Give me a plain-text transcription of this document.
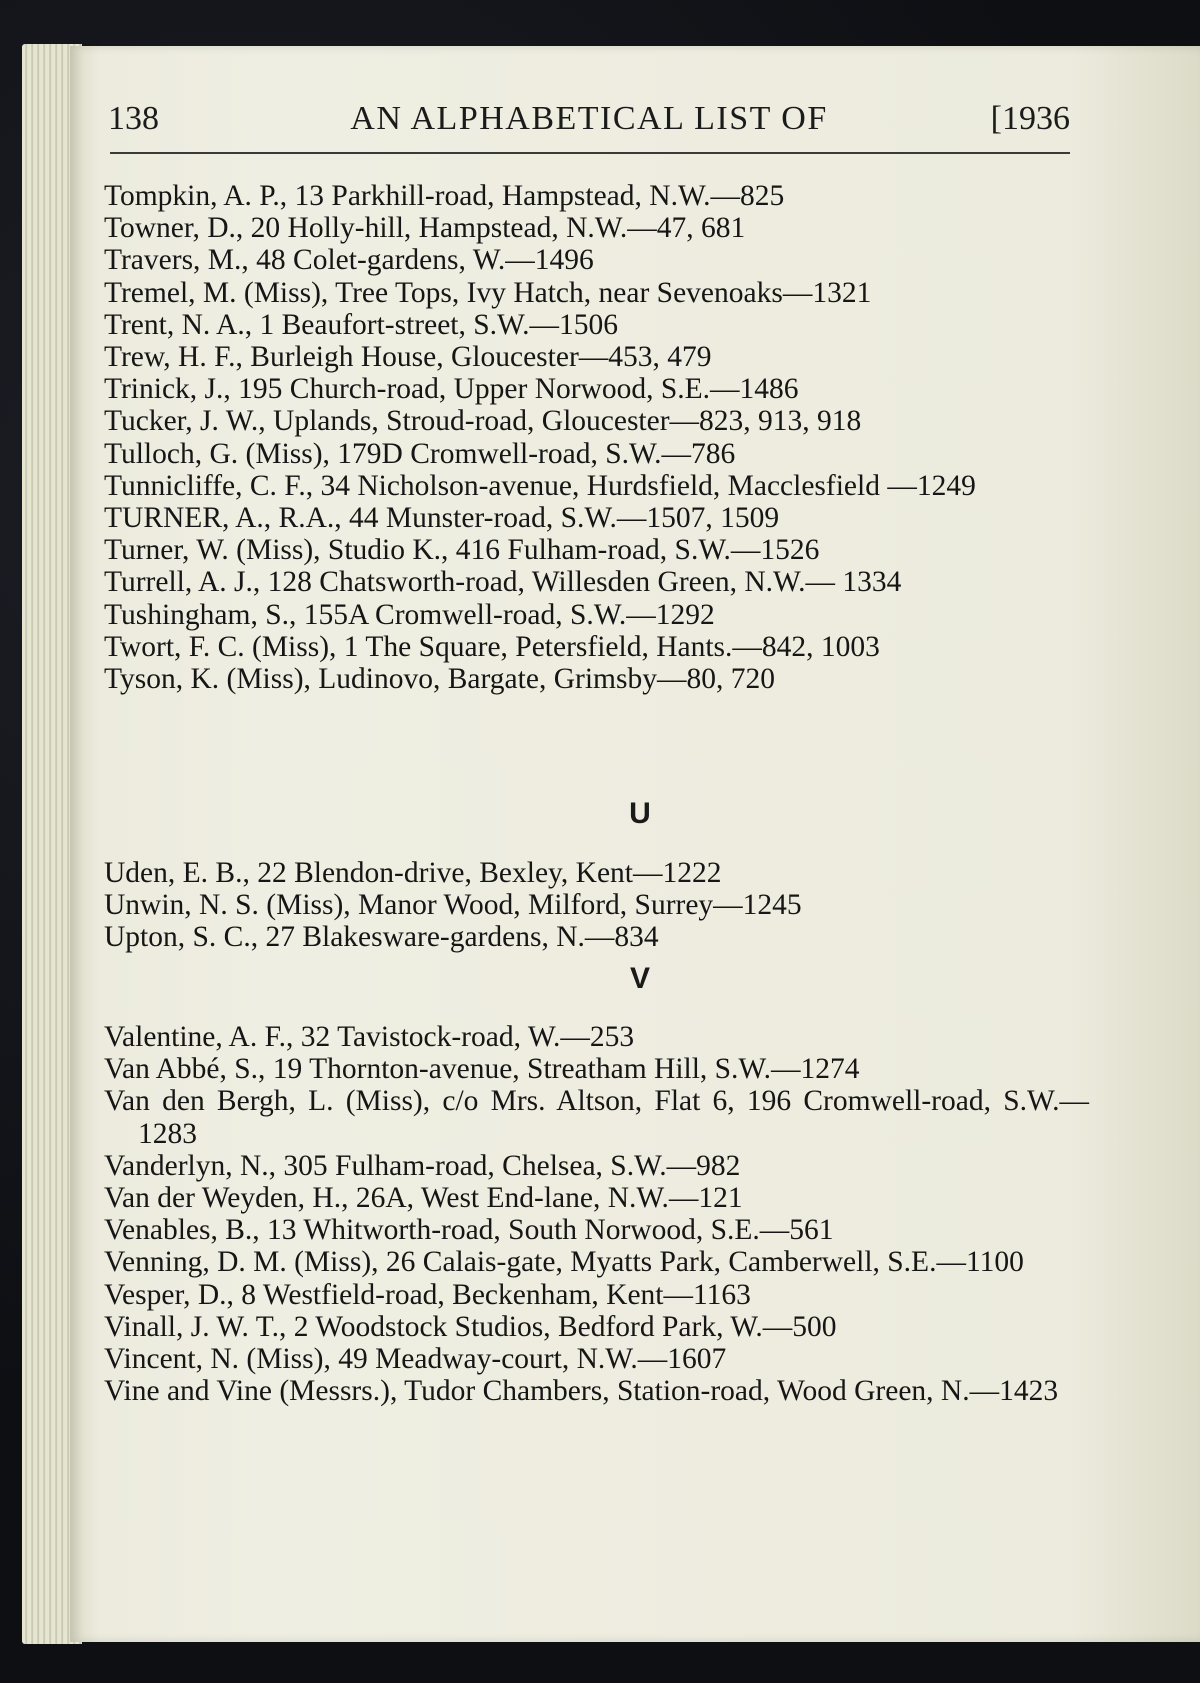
138	AN ALPHABETICAL LIST OF	[1936

Tompkin, A. P., 13 Parkhill-road, Hampstead, N.W.—825

Towner, D., 20 Holly-hill, Hampstead, N.W.—47, 681

Travers, M., 48 Colet-gardens, W.—1496

Tremel, M. (Miss), Tree Tops, Ivy Hatch, near Sevenoaks—1321

Trent, N. A., 1 Beaufort-street, S.W.—1506

Trew, H. F., Burleigh House, Gloucester—453, 479

Trinick, J., 195 Church-road, Upper Norwood, S.E.—1486

Tucker, J. W., Uplands, Stroud-road, Gloucester—823, 913, 918

Tulloch, G. (Miss), 179D Cromwell-road, S.W.—786

Tunnicliffe, C. F., 34 Nicholson-avenue, Hurdsfield, Macclesfield —1249

TURNER, A., R.A., 44 Munster-road, S.W.—1507, 1509

Turner, W. (Miss), Studio K., 416 Fulham-road, S.W.—1526

Turrell, A. J., 128 Chatsworth-road, Willesden Green, N.W.— 1334

Tushingham, S., 155A Cromwell-road, S.W.—1292

Twort, F. C. (Miss), 1 The Square, Petersfield, Hants.—842, 1003

Tyson, K. (Miss), Ludinovo, Bargate, Grimsby—80, 720

U

Uden, E. B., 22 Blendon-drive, Bexley, Kent—1222

Unwin, N. S. (Miss), Manor Wood, Milford, Surrey—1245

Upton, S. C., 27 Blakesware-gardens, N.—834

V

Valentine, A. F., 32 Tavistock-road, W.—253

Van Abbé, S., 19 Thornton-avenue, Streatham Hill, S.W.—1274

Van den Bergh, L. (Miss), c/o Mrs. Altson, Flat 6, 196 Cromwell-road, S.W.—1283

Vanderlyn, N., 305 Fulham-road, Chelsea, S.W.—982

Van der Weyden, H., 26A, West End-lane, N.W.—121

Venables, B., 13 Whitworth-road, South Norwood, S.E.—561

Venning, D. M. (Miss), 26 Calais-gate, Myatts Park, Camberwell, S.E.—1100

Vesper, D., 8 Westfield-road, Beckenham, Kent—1163

Vinall, J. W. T., 2 Woodstock Studios, Bedford Park, W.—500

Vincent, N. (Miss), 49 Meadway-court, N.W.—1607

Vine and Vine (Messrs.), Tudor Chambers, Station-road, Wood Green, N.—1423
